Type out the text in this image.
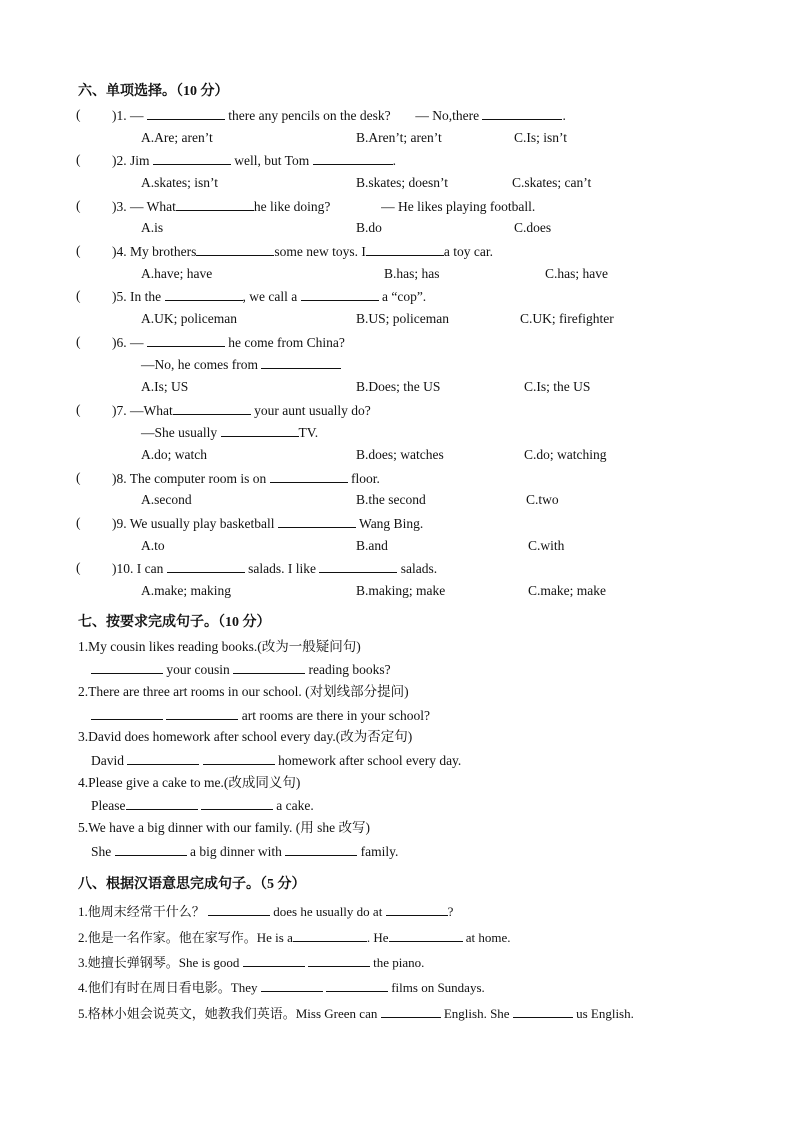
六、单项选择。（10 分）
( )1. —	there any pencils on the desk? — No,there	.
A.Are; aren’t	B.Aren’t; aren’t	C.Is; isn’t
( )2. Jim	well, but Tom	.
A.skates; isn’t	B.skates; doesn’t	C.skates; can’t
( )3. — What	he like doing?	— He likes playing football.
A.is	B.do	C.does
( )4. My brothers	some new toys. I	a toy car.
A.have; have	B.has; has	C.has; have
( )5. In the	, we call a	a “cop”.
A.UK; policeman	B.US; policeman	C.UK; firefighter
( )6. —	he come from China?
—No, he comes from
A.Is; US	B.Does; the US	C.Is; the US
( )7. —What	your aunt usually do?
—She usually	TV.
A.do; watch	B.does; watches	C.do; watching
( )8. The computer room is on	floor.
A.second	B.the second	C.two
( )9. We usually play basketball	Wang Bing.
A.to	B.and	C.with
( )10. I can	salads. I like	salads.
A.make; making	B.making; make	C.make; make
七、按要求完成句子。（10 分）
1.My cousin likes reading books.(改为一般疑问句)
your cousin	reading books?
2.There are three art rooms in our school. (对划线部分提问)
art rooms are there in your school?
3.David does homework after school every day.(改为否定句)
David	homework after school every day.
4.Please give a cake to me.(改成同义句)
Please	a cake.
5.We have a big dinner with our family. (用 she 改写)
She	a big dinner with	family.
八、根据汉语意思完成句子。（5 分）
1.他周末经常干什么？	does he usually do at	?
2.他是一名作家。他在家写作。He is a	. He	at home.
3.她擅长弹钢琴。She is good	the piano.
4.他们有时在周日看电影。They	films on Sundays.
5.格林小姐会说英文，她教我们英语。Miss Green can	English. She	us English.
